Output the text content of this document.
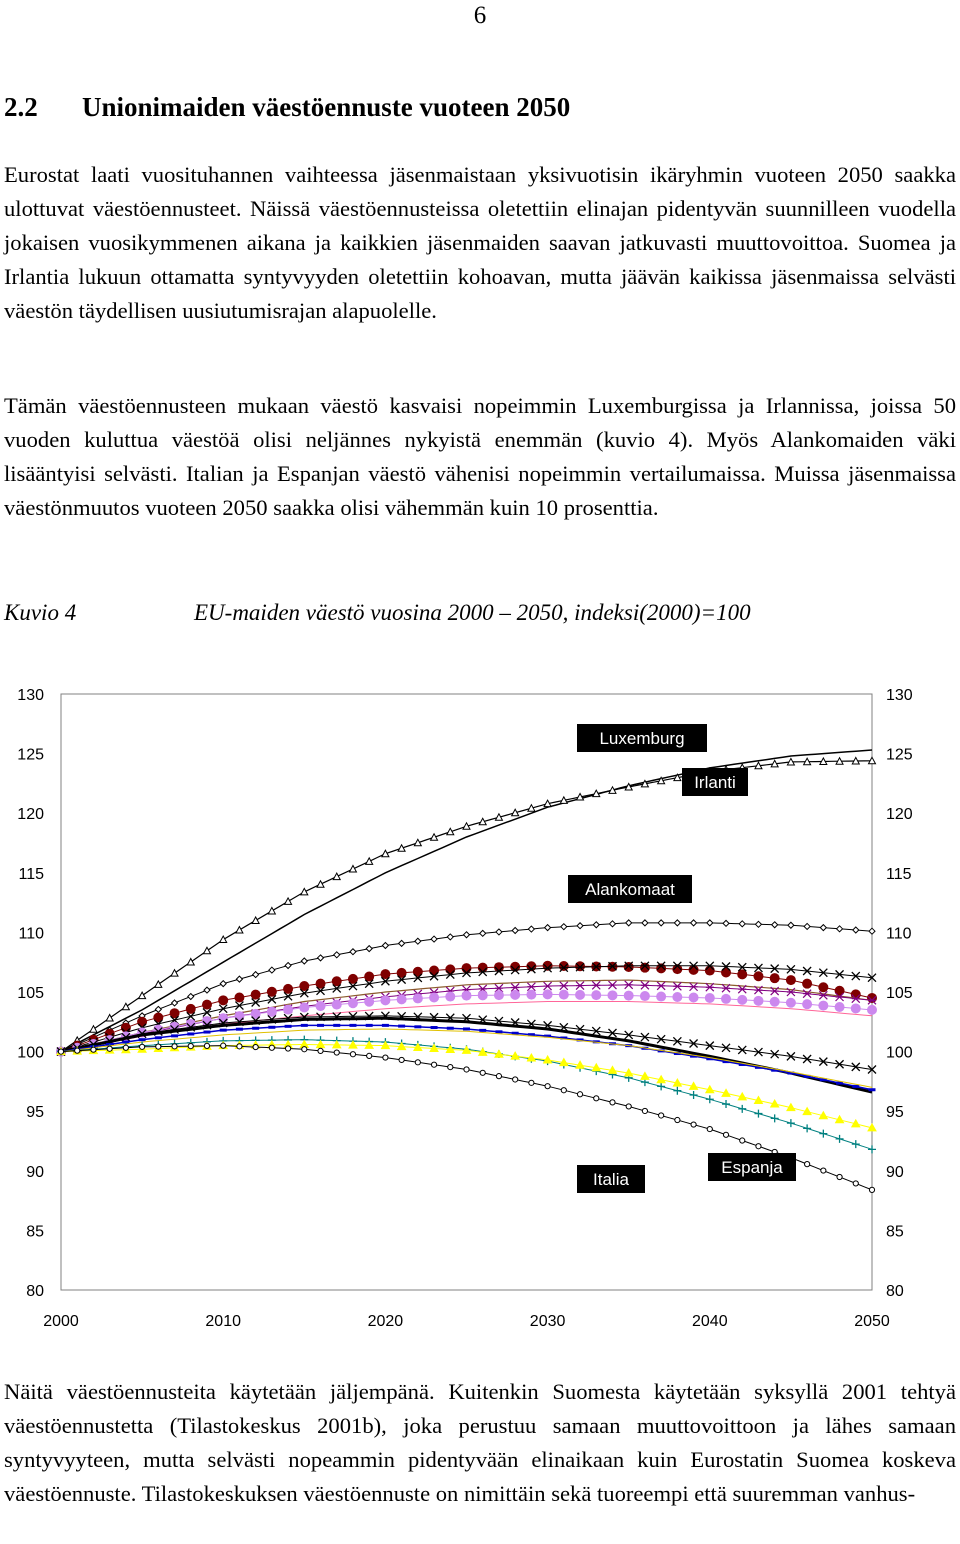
6
2.2 Unionimaiden väestöennuste vuoteen 2050
Eurostat laati vuosituhannen vaihteessa jäsenmaistaan yksivuotisin ikäryhmin vuoteen 2050 saakka ulottuvat väestöennusteet. Näissä väestöennusteissa oletettiin elinajan pidentyvän suunnilleen vuodella jokaisen vuosikymmenen aikana ja kaikkien jäsenmaiden saavan jatkuvasti muuttovoittoa. Suomea ja Irlantia lukuun ottamatta syntyvyyden oletettiin kohoavan, mutta jäävän kaikissa jäsenmaissa selvästi väestön täydellisen uusiutumisrajan alapuolelle.
Tämän väestöennusteen mukaan väestö kasvaisi nopeimmin Luxemburgissa ja Irlannissa, joissa 50 vuoden kuluttua väestöä olisi neljännes nykyistä enemmän (kuvio 4). Myös Alankomaiden väki lisääntyisi selvästi. Italian ja Espanjan väestö vähenisi nopeimmin vertailumaissa. Muissa jäsenmaissa väestönmuutos vuoteen 2050 saakka olisi vähemmän kuin 10 prosenttia.
Kuvio 4	EU-maiden väestö vuosina 2000 – 2050, indeksi(2000)=100
80	80
85	85
90	90
95	95
100	100
105	105
110	110
115	115
120	120
125	125
130	130
2000	2010	2020	2030	2040	2050
Luxemburg
Irlanti
Alankomaat
Italia
Espanja
Näitä väestöennusteita käytetään jäljempänä. Kuitenkin Suomesta käytetään syksyllä 2001 tehtyä väestöennustetta (Tilastokeskus 2001b), joka perustuu samaan muuttovoittoon ja lähes samaan syntyvyyteen, mutta selvästi nopeammin pidentyvään elinaikaan kuin Eurostatin Suomea koskeva väestöennuste. Tilastokeskuksen väestöennuste on nimittäin sekä tuoreempi että suuremman vanhus-
